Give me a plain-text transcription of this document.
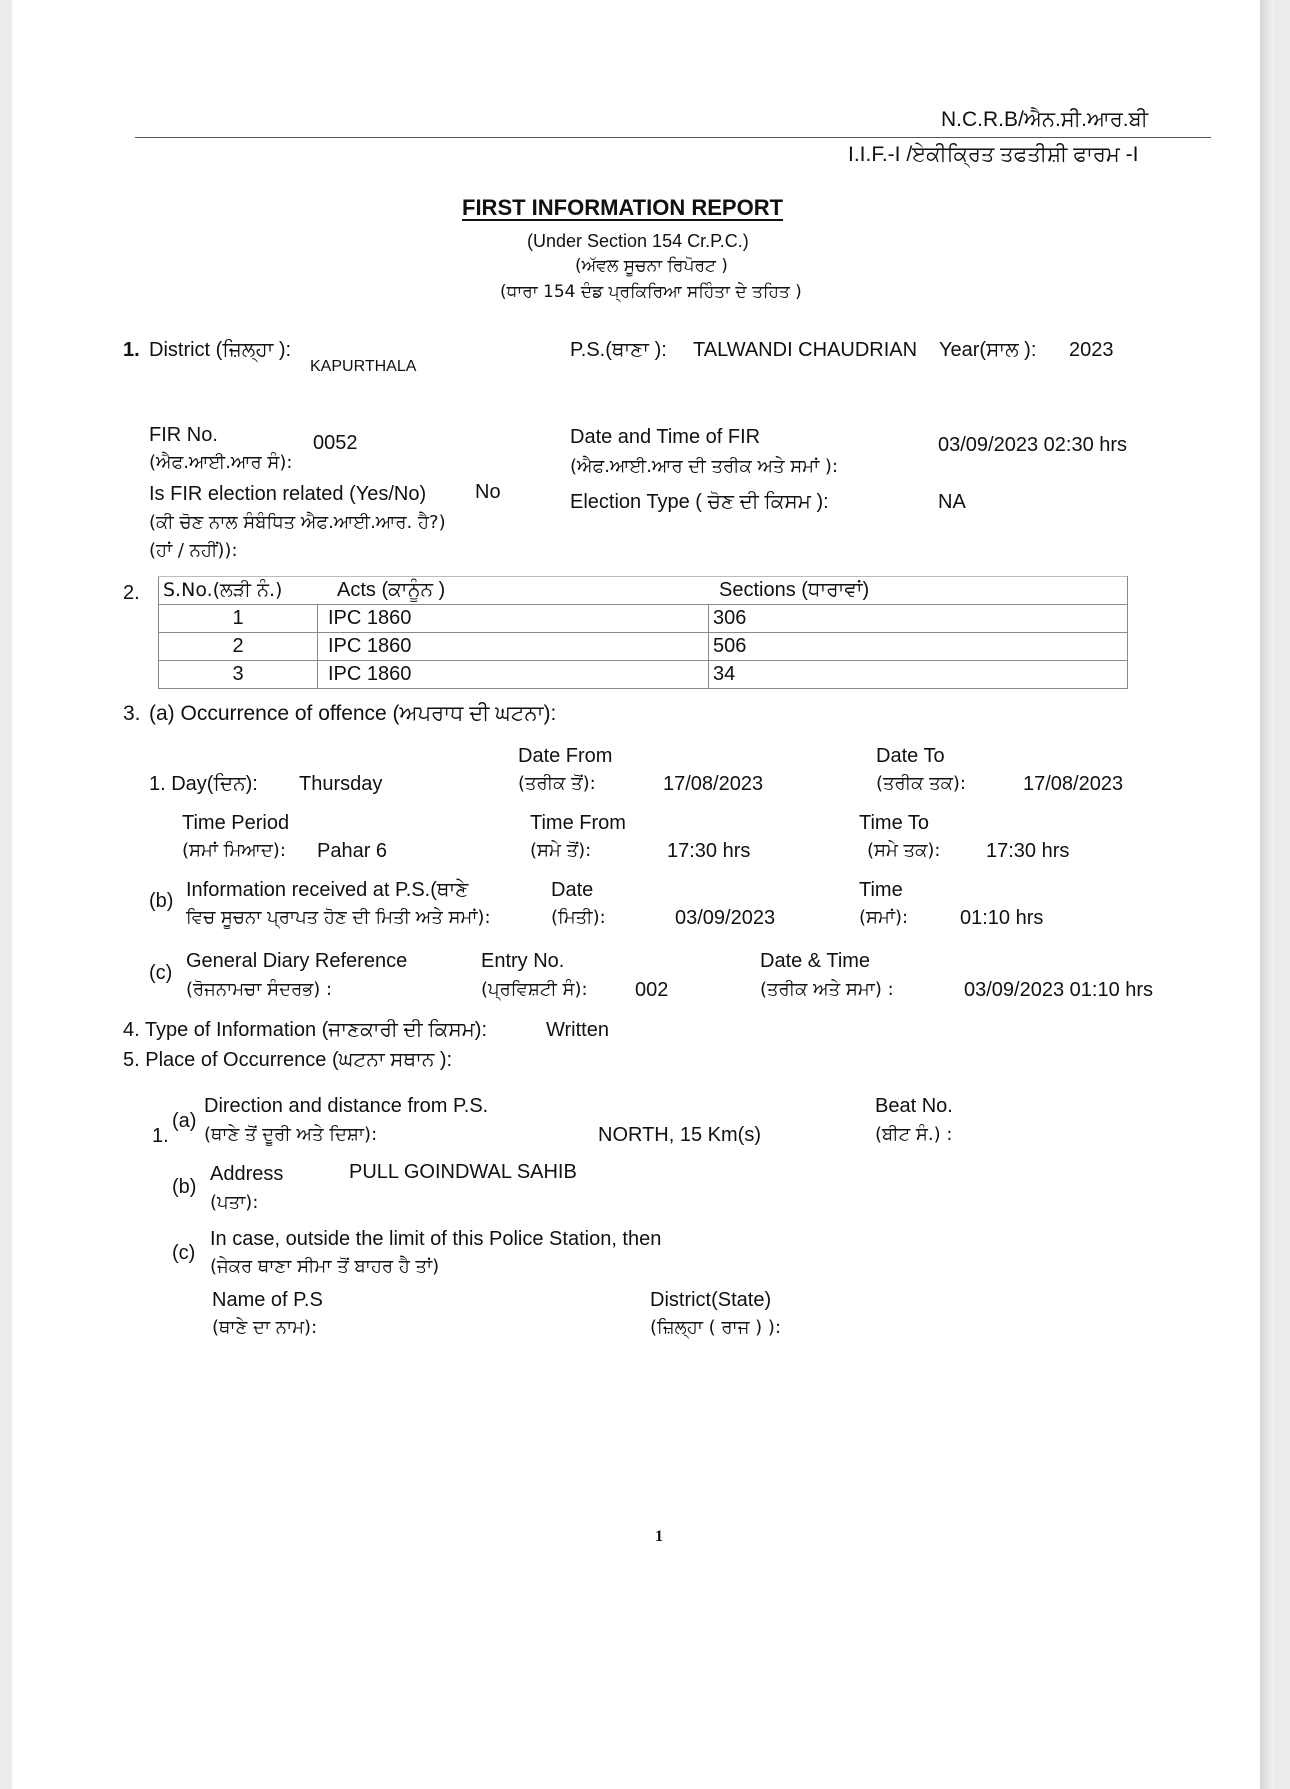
N.C.R.B/ਐਨ.ਸੀ.ਆਰ.ਬੀ
I.I.F.-I /ਏਕੀਕ੍ਰਿਤ ਤਫਤੀਸ਼ੀ ਫਾਰਮ -I
FIRST INFORMATION REPORT
(Under Section 154 Cr.P.C.)
(ਅੱਵਲ ਸੂਚਨਾ ਰਿਪੋਰਟ )
(ਧਾਰਾ 154 ਦੰਡ ਪ੍ਰਕਿਰਿਆ ਸਹਿੰਤਾ ਦੇ ਤਹਿਤ )
1. District (ਜ਼ਿਲ੍ਹਾ ):
KAPURTHALA
P.S.(ਥਾਣਾ ): TALWANDI CHAUDRIAN Year(ਸਾਲ ): 2023
FIR No.
(ਐਫ.ਆਈ.ਆਰ ਸੰ):
0052	Date and Time of FIR
(ਐਫ.ਆਈ.ਆਰ ਦੀ ਤਰੀਕ ਅਤੇ ਸਮਾਂ ):
03/09/2023 02:30 hrs
Is FIR election related (Yes/No)
(ਕੀ ਚੋਣ ਨਾਲ ਸੰਬੰਧਿਤ ਐਫ.ਆਈ.ਆਰ. ਹੈ?)
(ਹਾਂ / ਨਹੀਂ)):
No	Election Type ( ਚੋਣ ਦੀ ਕਿਸਮ ):	NA
2. S.No.(ਲੜੀ ਨੰ.)	Acts (ਕਾਨੂੰਨ )	Sections (ਧਾਰਾਵਾਂ)
1	IPC 1860	306
2	IPC 1860	506
3	IPC 1860	34
3. (a) Occurrence of offence (ਅਪਰਾਧ ਦੀ ਘਟਨਾ):
Date From	Date To
1. Day(ਦਿਨ): Thursday	(ਤਰੀਕ ਤੋਂ):	17/08/2023	(ਤਰੀਕ ਤਕ):	17/08/2023
Time Period	Time From	Time To
(ਸਮਾਂ ਮਿਆਦ): Pahar 6	(ਸਮੇ ਤੋਂ):	17:30 hrs	(ਸਮੇ ਤਕ): 17:30 hrs
(b) Information received at P.S.(ਥਾਣੇ
ਵਿਚ ਸੂਚਨਾ ਪ੍ਰਾਪਤ ਹੋਣ ਦੀ ਮਿਤੀ ਅਤੇ ਸਮਾਂ):
Date
(ਮਿਤੀ):	03/09/2023
Time
(ਸਮਾਂ):	01:10 hrs
(c)
General Diary Reference
(ਰੋਜਨਾਮਚਾ ਸੰਦਰਭ) :
Entry No.
(ਪ੍ਰਵਿਸ਼ਟੀ ਸੰ): 002
Date & Time
(ਤਰੀਕ ਅਤੇ ਸਮਾ) :	03/09/2023 01:10 hrs
4. Type of Information (ਜਾਣਕਾਰੀ ਦੀ ਕਿਸਮ):	Written
5. Place of Occurrence (ਘਟਨਾ ਸਥਾਨ ):
1.
(a)
Direction and distance from P.S.
(ਥਾਣੇ ਤੋਂ ਦੂਰੀ ਅਤੇ ਦਿਸ਼ਾ):	NORTH, 15 Km(s)
Beat No.
(ਬੀਟ ਸੰ.) :
(b)
Address
(ਪਤਾ):
PULL GOINDWAL SAHIB
(c)
In case, outside the limit of this Police Station, then
(ਜੇਕਰ ਥਾਣਾ ਸੀਮਾ ਤੋਂ ਬਾਹਰ ਹੈ ਤਾਂ)
Name of P.S
(ਥਾਣੇ ਦਾ ਨਾਮ):
District(State)
(ਜ਼ਿਲ੍ਹਾ ( ਰਾਜ ) ):
1
